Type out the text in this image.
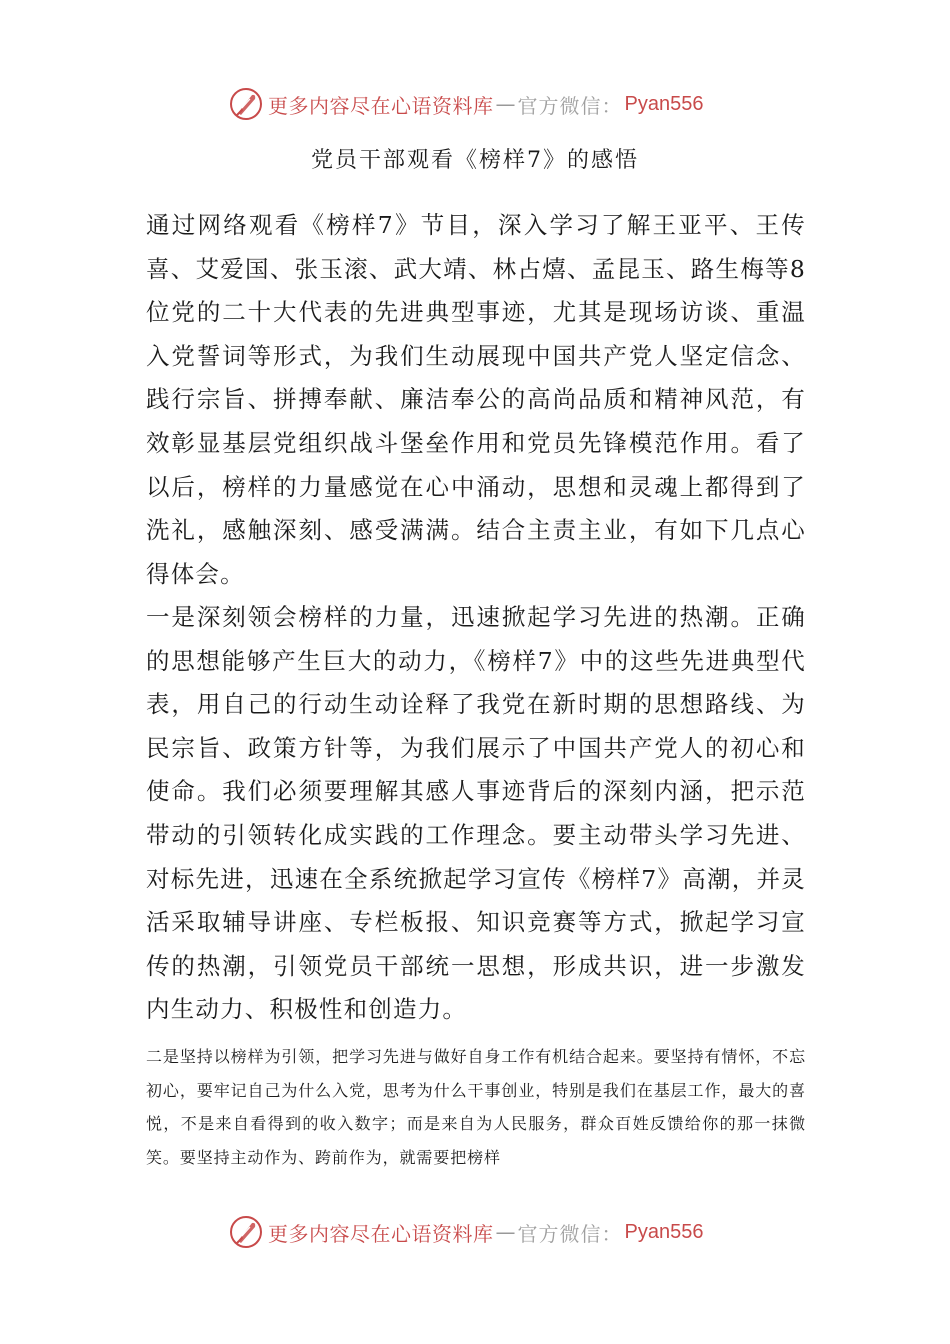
更多内容尽在心语资料库 — 官方微信： Pyan556
党员干部观看《榜样7》的感悟

通过网络观看《榜样7》节目，深入学习了解王亚平、王传喜、艾爱国、张玉滚、武大靖、林占熺、孟昆玉、路生梅等8位党的二十大代表的先进典型事迹，尤其是现场访谈、重温入党誓词等形式，为我们生动展现中国共产党人坚定信念、践行宗旨、拼搏奉献、廉洁奉公的高尚品质和精神风范，有效彰显基层党组织战斗堡垒作用和党员先锋模范作用。看了以后，榜样的力量感觉在心中涌动，思想和灵魂上都得到了洗礼，感触深刻、感受满满。结合主责主业，有如下几点心得体会。

一是深刻领会榜样的力量，迅速掀起学习先进的热潮。正确的思想能够产生巨大的动力，《榜样7》中的这些先进典型代表，用自己的行动生动诠释了我党在新时期的思想路线、为民宗旨、政策方针等，为我们展示了中国共产党人的初心和使命。我们必须要理解其感人事迹背后的深刻内涵，把示范带动的引领转化成实践的工作理念。要主动带头学习先进、对标先进，迅速在全系统掀起学习宣传《榜样7》高潮，并灵活采取辅导讲座、专栏板报、知识竞赛等方式，掀起学习宣传的热潮，引领党员干部统一思想，形成共识，进一步激发内生动力、积极性和创造力。

二是坚持以榜样为引领，把学习先进与做好自身工作有机结合起来。要坚持有情怀，不忘初心，要牢记自己为什么入党，思考为什么干事创业，特别是我们在基层工作，最大的喜悦，不是来自看得到的收入数字；而是来自为人民服务，群众百姓反馈给你的那一抹微笑。要坚持主动作为、跨前作为，就需要把榜样

更多内容尽在心语资料库 — 官方微信： Pyan556
